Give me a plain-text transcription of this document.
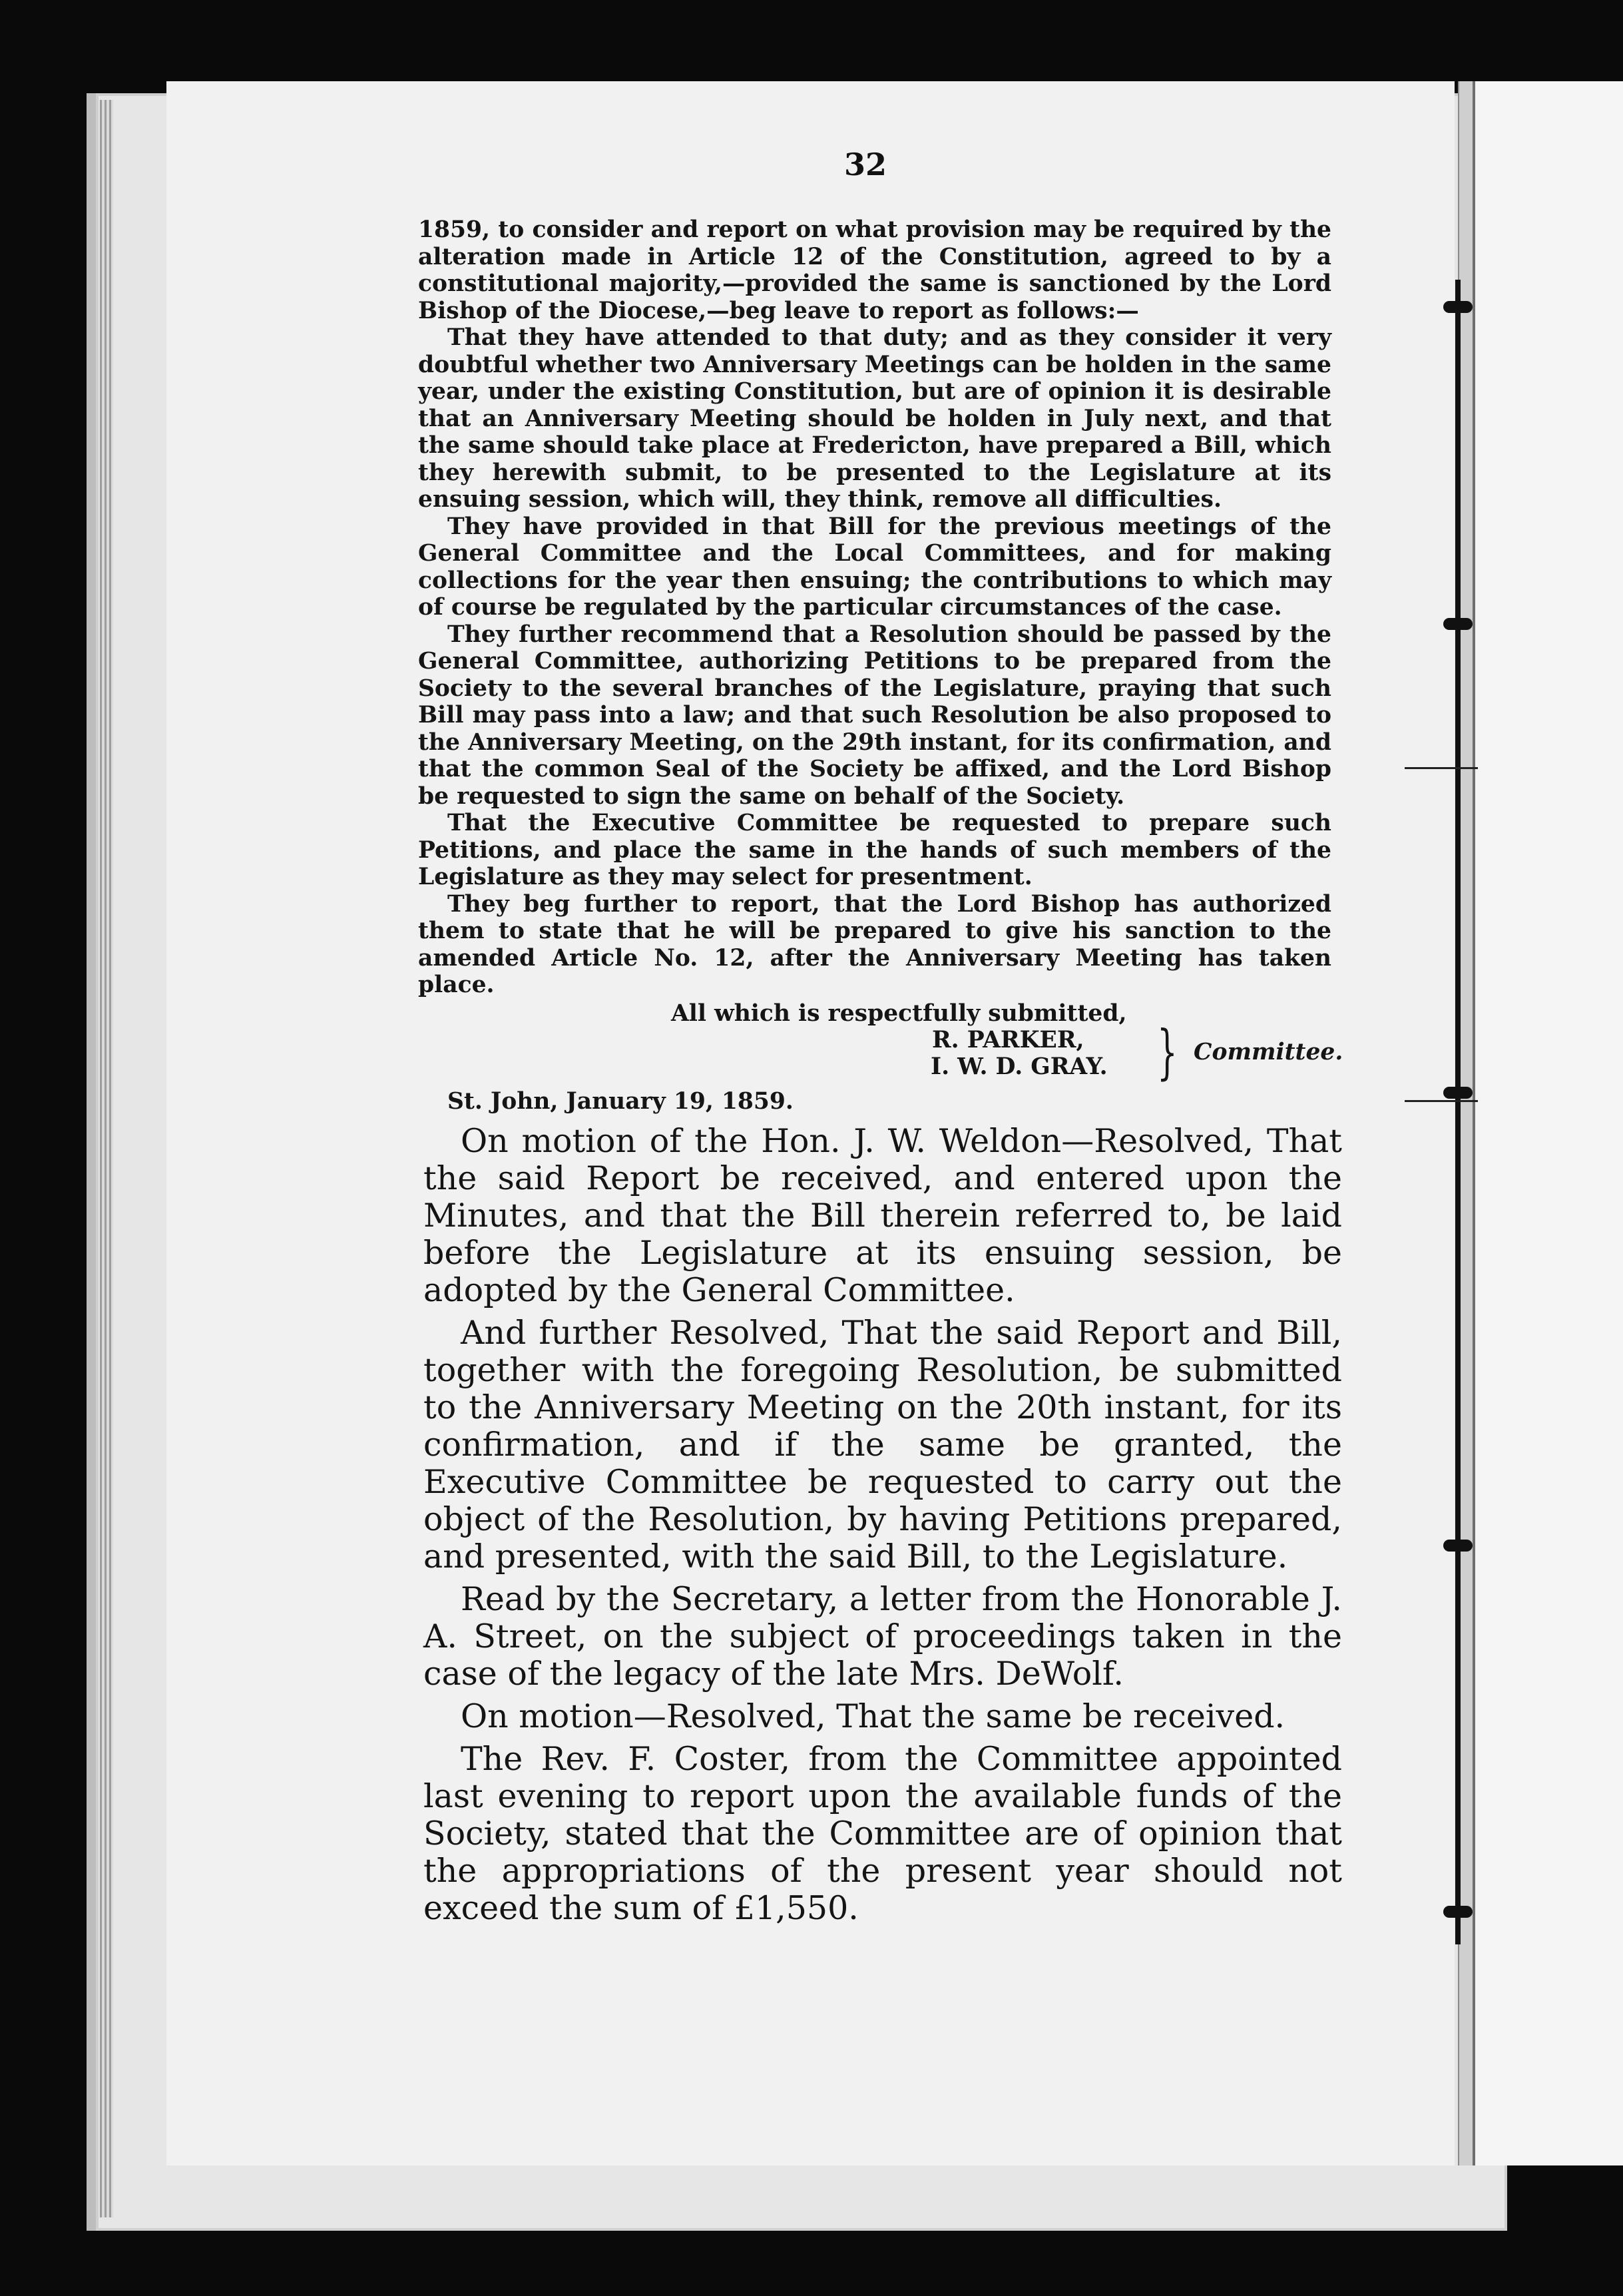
32

1859, to consider and report on what provision may be required by the alteration made in Article 12 of the Constitution, agreed to by a constitutional majority,—provided the same is sanctioned by the Lord Bishop of the Diocese,—beg leave to report as follows:—

That they have attended to that duty; and as they consider it very doubtful whether two Anniversary Meetings can be holden in the same year, under the existing Constitution, but are of opinion it is desirable that an Anniversary Meeting should be holden in July next, and that the same should take place at Fredericton, have prepared a Bill, which they herewith submit, to be presented to the Legislature at its ensuing session, which will, they think, remove all difficulties.

They have provided in that Bill for the previous meetings of the General Committee and the Local Committees, and for making collections for the year then ensuing; the contributions to which may of course be regulated by the particular circumstances of the case.

They further recommend that a Resolution should be passed by the General Committee, authorizing Petitions to be prepared from the Society to the several branches of the Legislature, praying that such Bill may pass into a law; and that such Resolution be also proposed to the Anniversary Meeting, on the 29th instant, for its confirmation, and that the common Seal of the Society be affixed, and the Lord Bishop be requested to sign the same on behalf of the Society.

That the Executive Committee be requested to prepare such Petitions, and place the same in the hands of such members of the Legislature as they may select for presentment.

They beg further to report, that the Lord Bishop has authorized them to state that he will be prepared to give his sanction to the amended Article No. 12, after the Anniversary Meeting has taken place.

All which is respectfully submitted,
R. PARKER,
I. W. D. GRAY. } Committee.
St. John, January 19, 1859.

On motion of the Hon. J. W. Weldon—Resolved, That the said Report be received, and entered upon the Minutes, and that the Bill therein referred to, be laid before the Legislature at its ensuing session, be adopted by the General Committee.

And further Resolved, That the said Report and Bill, together with the foregoing Resolution, be submitted to the Anniversary Meeting on the 20th instant, for its confirmation, and if the same be granted, the Executive Committee be requested to carry out the object of the Resolution, by having Petitions prepared, and presented, with the said Bill, to the Legislature.

Read by the Secretary, a letter from the Honorable J. A. Street, on the subject of proceedings taken in the case of the legacy of the late Mrs. DeWolf.

On motion—Resolved, That the same be received.

The Rev. F. Coster, from the Committee appointed last evening to report upon the available funds of the Society, stated that the Committee are of opinion that the appropriations of the present year should not exceed the sum of £1,550.
